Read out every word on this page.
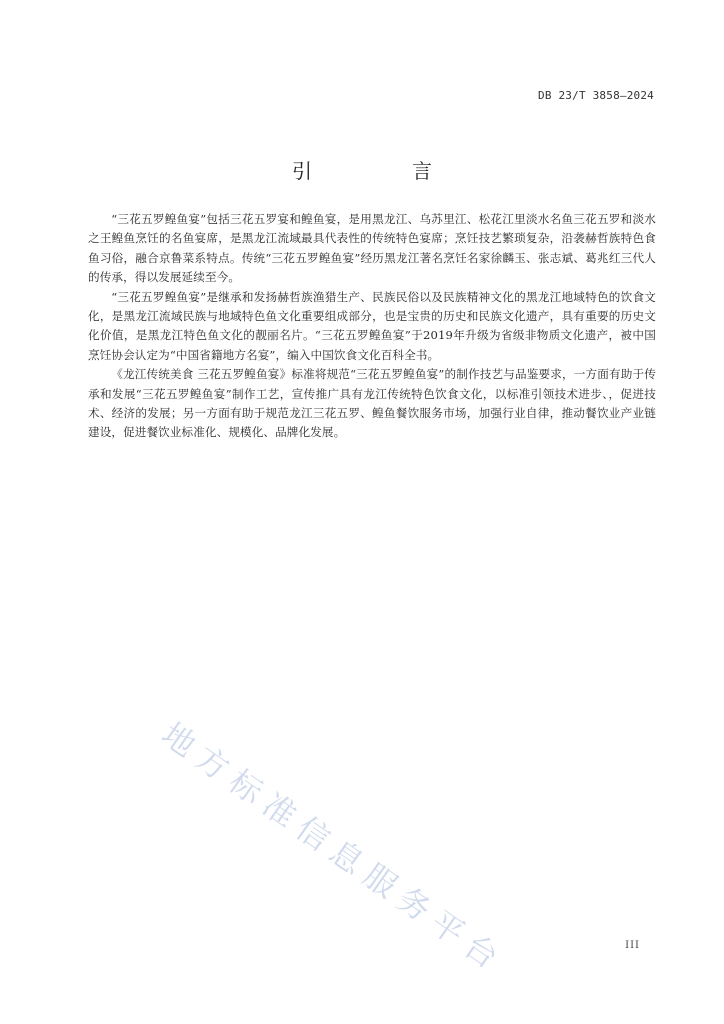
DB 23/T 3858—2024
引　言

“三花五罗鳇鱼宴”包括三花五罗宴和鳇鱼宴，是用黑龙江、乌苏里江、松花江里淡水名鱼三花五罗和淡水之王鳇鱼烹饪的名鱼宴席，是黑龙江流域最具代表性的传统特色宴席；烹饪技艺繁琐复杂，沿袭赫哲族特色食鱼习俗，融合京鲁菜系特点。传统“三花五罗鳇鱼宴”经历黑龙江著名烹饪名家徐麟玉、张志斌、葛兆红三代人的传承，得以发展延续至今。

“三花五罗鳇鱼宴”是继承和发扬赫哲族渔猎生产、民族民俗以及民族精神文化的黑龙江地域特色的饮食文化，是黑龙江流域民族与地域特色鱼文化重要组成部分，也是宝贵的历史和民族文化遗产，具有重要的历史文化价值，是黑龙江特色鱼文化的靓丽名片。“三花五罗鳇鱼宴”于2019年升级为省级非物质文化遗产，被中国烹饪协会认定为“中国省籍地方名宴”，编入中国饮食文化百科全书。

《龙江传统美食 三花五罗鳇鱼宴》标准将规范“三花五罗鳇鱼宴”的制作技艺与品鉴要求，一方面有助于传承和发展“三花五罗鳇鱼宴”制作工艺，宣传推广具有龙江传统特色饮食文化，以标准引领技术进步、，促进技术、经济的发展；另一方面有助于规范龙江三花五罗、鳇鱼餐饮服务市场，加强行业自律，推动餐饮业产业链建设，促进餐饮业标准化、规模化、品牌化发展。

地方标准信息服务平台	III
